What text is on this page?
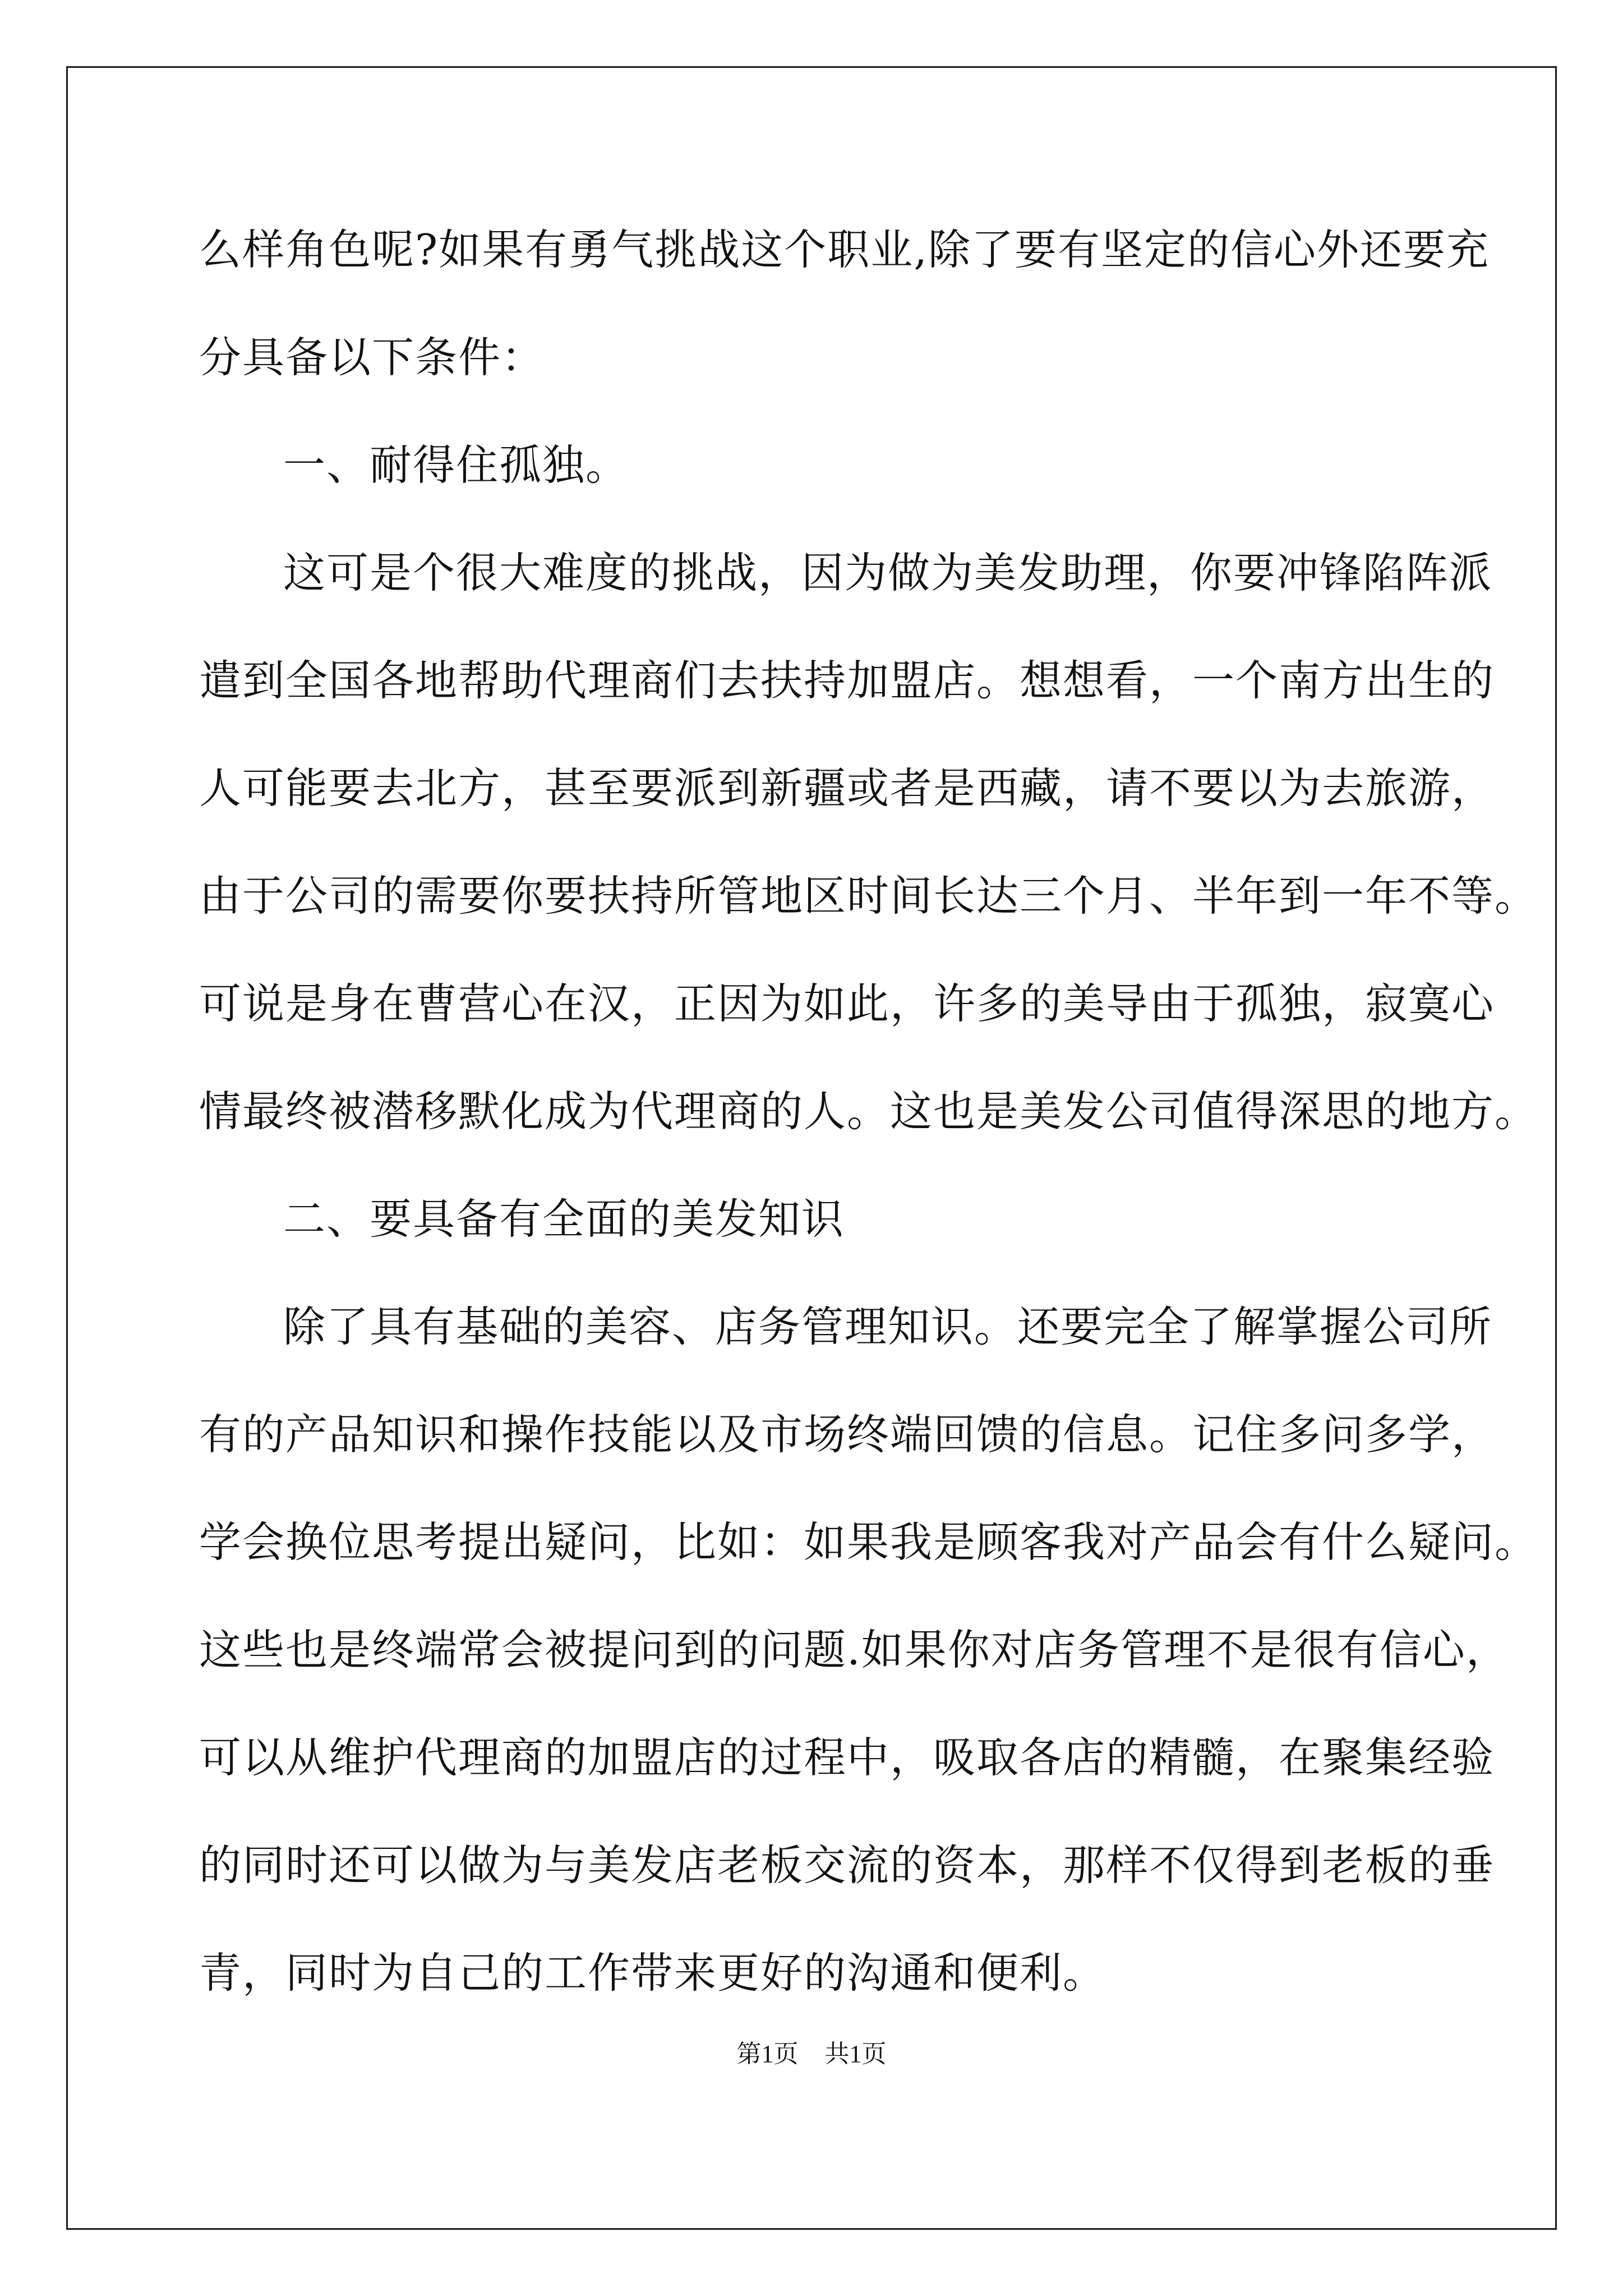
么样角色呢?如果有勇气挑战这个职业,除了要有坚定的信心外还要充
分具备以下条件：
一、耐得住孤独。
这可是个很大难度的挑战，因为做为美发助理，你要冲锋陷阵派
遣到全国各地帮助代理商们去扶持加盟店。想想看，一个南方出生的
人可能要去北方，甚至要派到新疆或者是西藏，请不要以为去旅游，
由于公司的需要你要扶持所管地区时间长达三个月、半年到一年不等。
可说是身在曹营心在汉，正因为如此，许多的美导由于孤独，寂寞心
情最终被潜移默化成为代理商的人。这也是美发公司值得深思的地方。
二、要具备有全面的美发知识
除了具有基础的美容、店务管理知识。还要完全了解掌握公司所
有的产品知识和操作技能以及市场终端回馈的信息。记住多问多学，
学会换位思考提出疑问，比如：如果我是顾客我对产品会有什么疑问。
这些也是终端常会被提问到的问题.如果你对店务管理不是很有信心，
可以从维护代理商的加盟店的过程中，吸取各店的精髓，在聚集经验
的同时还可以做为与美发店老板交流的资本，那样不仅得到老板的垂
青，同时为自己的工作带来更好的沟通和便利。
第1页 共1页
